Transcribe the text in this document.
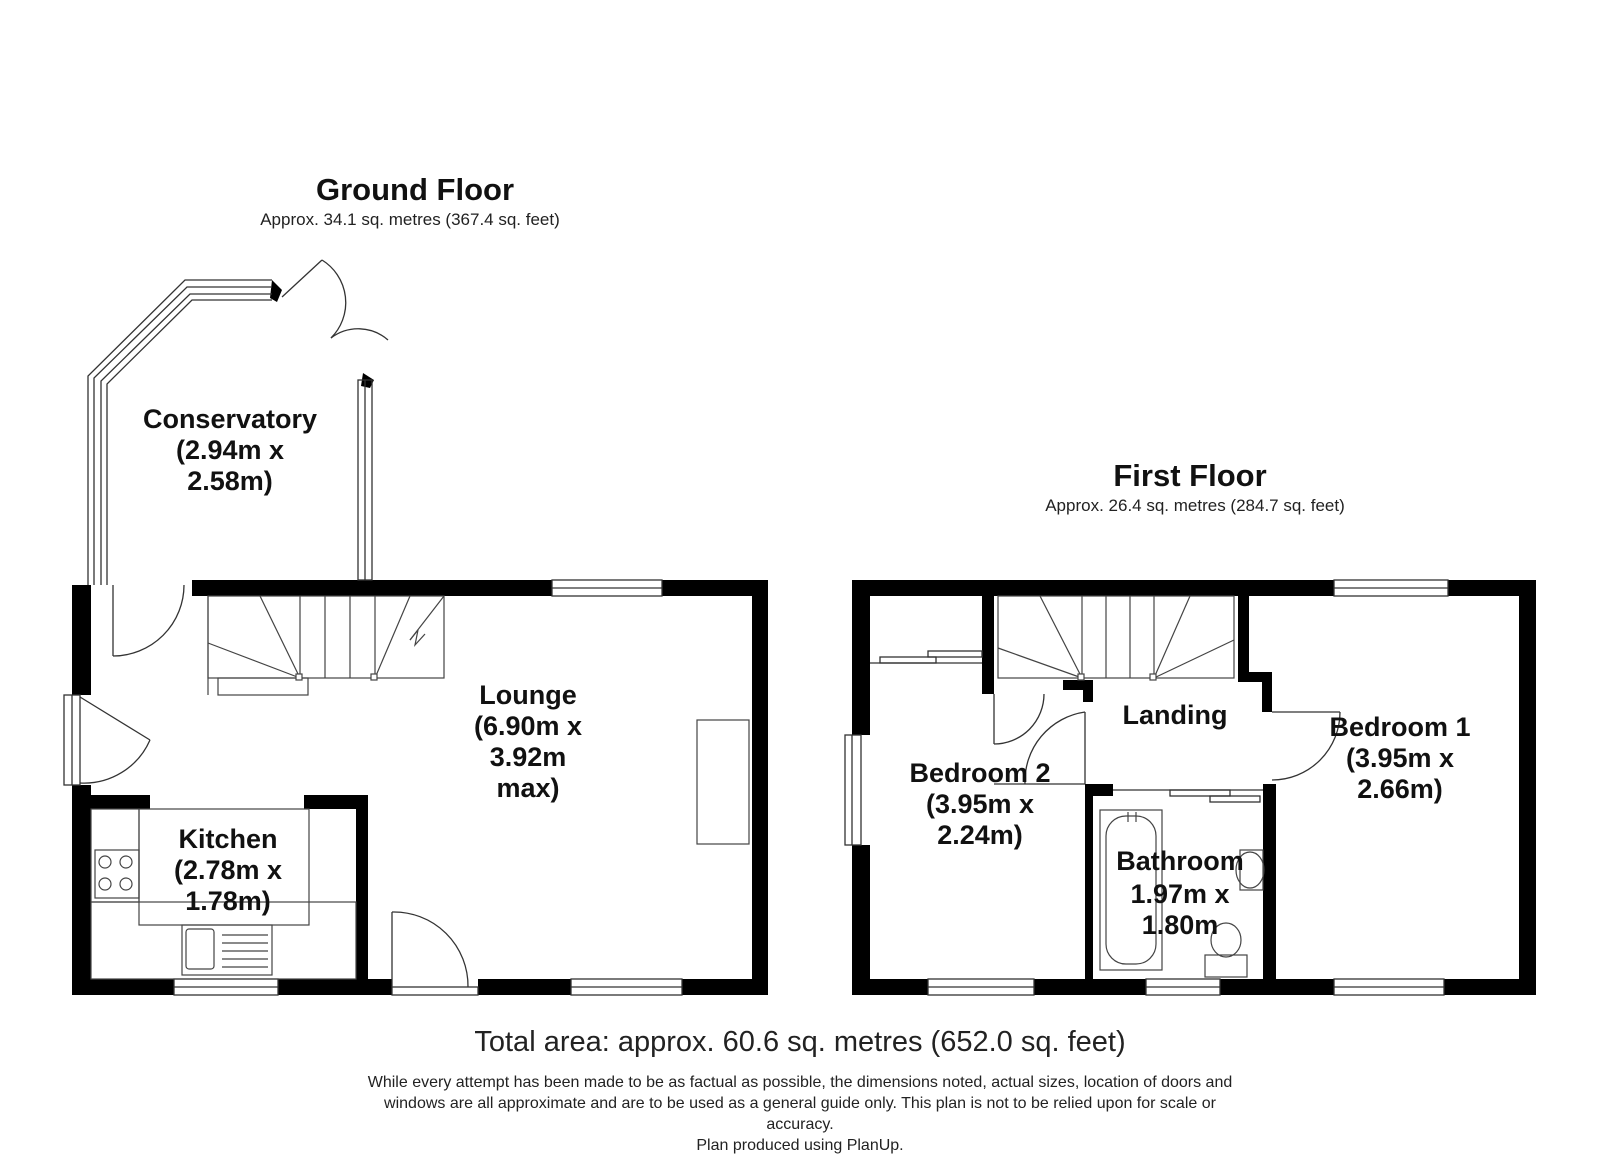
Ground Floor
Approx. 34.1 sq. metres (367.4 sq. feet)
First Floor
Approx. 26.4 sq. metres (284.7 sq. feet)
Conservatory
(2.94m x
2.58m)
Lounge
(6.90m x
3.92m
max)
Kitchen
(2.78m x
1.78m)
Landing	Bedroom 1
(3.95m x
2.66m)
Bedroom 2
(3.95m x
2.24m)
Bathroom
1.97m x
1.80m
Total area: approx. 60.6 sq. metres (652.0 sq. feet)
While every attempt has been made to be as factual as possible, the dimensions noted, actual sizes, location of doors and
windows are all approximate and are to be used as a general guide only. This plan is not to be relied upon for scale or
accuracy.
Plan produced using PlanUp.
